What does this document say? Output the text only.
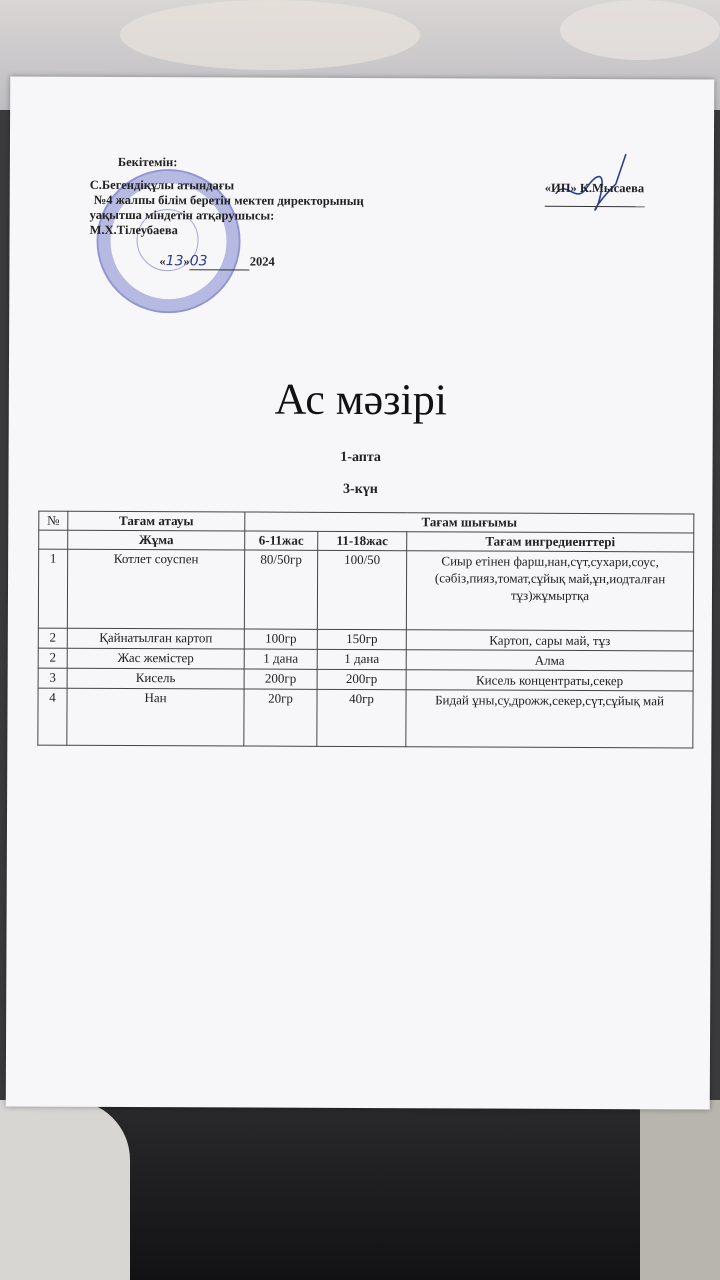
Бекітемін:
С.Бегендіқұлы атындағы
№4 жалпы білім беретін мектеп директорының
уақытша міндетін атқарушысы:
М.Х.Тілеубаева
«13»03	2024
«ИП» К.Мысаева
Ас мәзірі
1-апта
3-күн
№	Тағам атауы	Тағам шығымы		
	Жұма	6-11жас	11-18жас	Тағам ингредиенттері
1	Котлет соуспен	80/50гр	100/50	Сиыр етінен фарш,нан,сүт,сухари,соус,(сәбіз,пияз,томат,сұйық май,ұн,иодталған тұз)жұмыртқа
2	Қайнатылған картоп	100гр	150гр	Картоп, сары май, тұз
2	Жас жемістер	1 дана	1 дана	Алма
3	Кисель	200гр	200гр	Кисель концентраты,секер
4	Нан	20гр	40гр	Бидай ұны,су,дрожж,секер,сүт,сұйық май
